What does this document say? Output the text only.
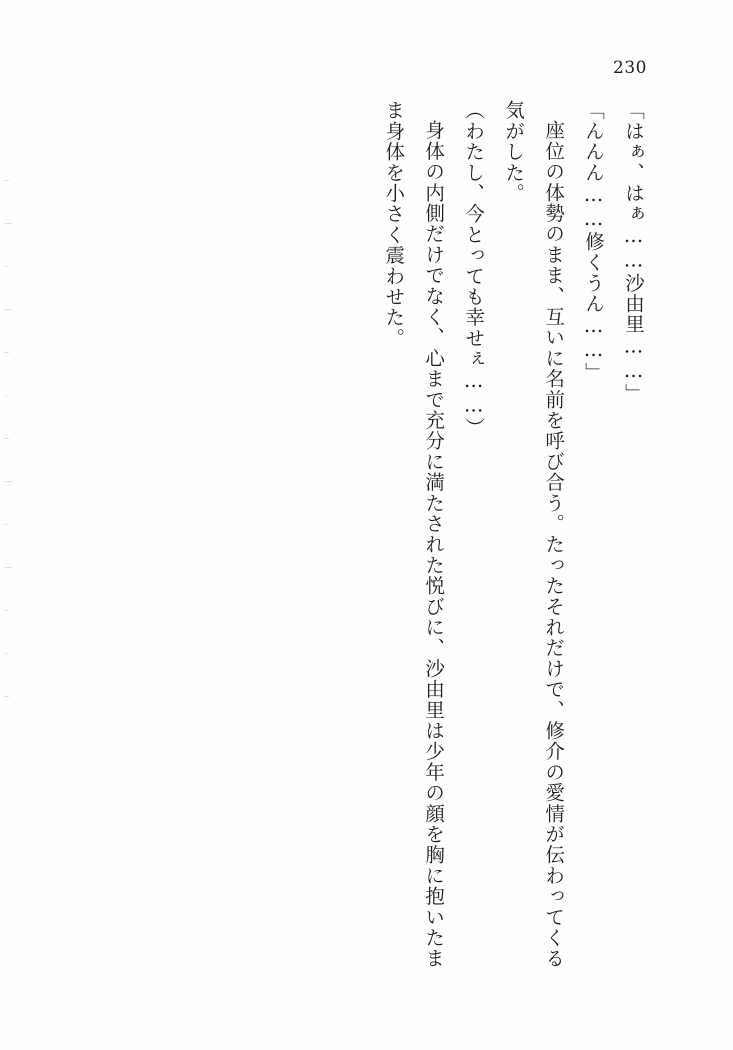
230

「はぁ、はぁ……沙由里……」

「んんん……修くうん……」

座位の体勢のまま、互いに名前を呼び合う。たったそれだけで、修介の愛情が伝わってくる気がした。

（わたし、今とっても幸せぇ……）

身体の内側だけでなく、心まで充分に満たされた悦びに、沙由里は少年の顔を胸に抱いたまま身体を小さく震わせた。
